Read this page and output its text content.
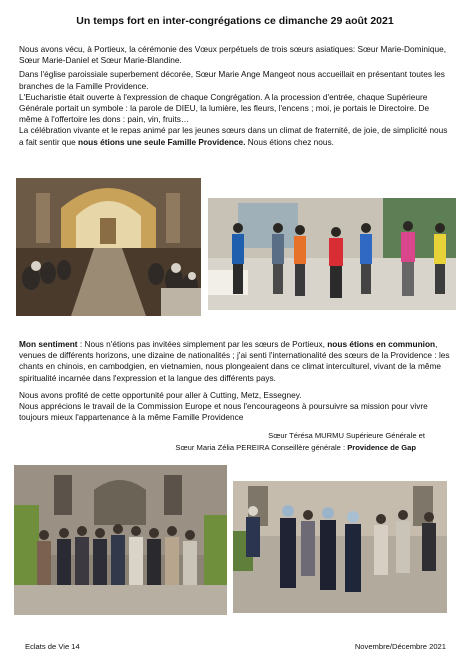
Un temps fort en inter-congrégations ce dimanche 29 août 2021

Nous avons vécu, à Portieux, la cérémonie des Vœux perpétuels de trois sœurs asiatiques: Sœur Marie-Dominique, Sœur Marie-Daniel et Sœur Marie-Blandine.

Dans l'église paroissiale superbement décorée, Sœur Marie Ange Mangeot nous accueillait en présentant toutes les branches de la Famille Providence.

L'Eucharistie était ouverte à l'expression de chaque Congrégation. A la procession d'entrée, chaque Supérieure Générale portait un symbole : la parole de DIEU, la lumière, les fleurs, l'encens ; moi, je portais le Directoire. De même à l'offertoire les dons : pain, vin, fruits…

La célébration vivante et le repas animé par les jeunes sœurs dans un climat de fraternité, de joie, de simplicité nous a fait sentir que nous étions une seule Famille Providence. Nous étions chez nous.

Mon sentiment : Nous n'étions pas invitées simplement par les sœurs de Portieux, nous étions en communion, venues de différents horizons, une dizaine de nationalités ; j'ai senti l'internationalité des sœurs de la Providence : les chants en chinois, en cambodgien, en vietnamien, nous plongeaient dans ce climat interculturel, vivant de la même spiritualité incarnée dans l'expression et la langue des différents pays.

Nous avons profité de cette opportunité pour aller à Cutting, Metz, Essegney.

Nous apprécions le travail de la Commission Europe et nous l'encourageons à poursuivre sa mission pour vivre toujours mieux l'appartenance à la même Famille Providence

Sœur Térésa MURMU Supérieure Générale et
Sœur Maria Zélia PEREIRA Conseillère générale : Providence de Gap
Eclats de Vie 14	Novembre/Décembre 2021
